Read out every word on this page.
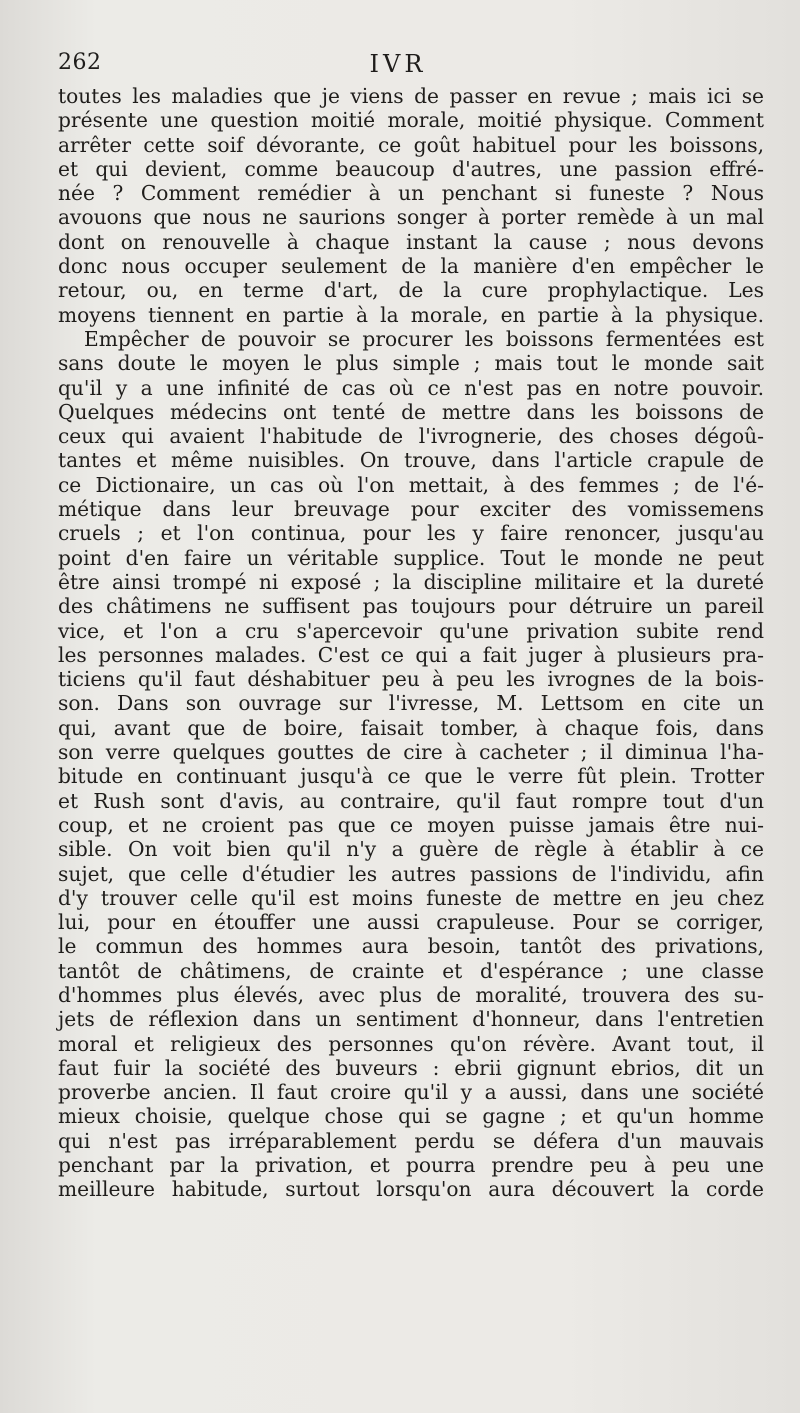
262	IVR
toutes les maladies que je viens de passer en revue ; mais ici se
présente une question moitié morale, moitié physique. Comment
arrêter cette soif dévorante, ce goût habituel pour les boissons,
et qui devient, comme beaucoup d'autres, une passion effré-
née ? Comment remédier à un penchant si funeste ? Nous
avouons que nous ne saurions songer à porter remède à un mal
dont on renouvelle à chaque instant la cause ; nous devons
donc nous occuper seulement de la manière d'en empêcher le
retour, ou, en terme d'art, de la cure prophylactique. Les
moyens tiennent en partie à la morale, en partie à la physique.
Empêcher de pouvoir se procurer les boissons fermentées est
sans doute le moyen le plus simple ; mais tout le monde sait
qu'il y a une infinité de cas où ce n'est pas en notre pouvoir.
Quelques médecins ont tenté de mettre dans les boissons de
ceux qui avaient l'habitude de l'ivrognerie, des choses dégoû-
tantes et même nuisibles. On trouve, dans l'article crapule de
ce Dictionaire, un cas où l'on mettait, à des femmes ; de l'é-
métique dans leur breuvage pour exciter des vomissemens
cruels ; et l'on continua, pour les y faire renoncer, jusqu'au
point d'en faire un véritable supplice. Tout le monde ne peut
être ainsi trompé ni exposé ; la discipline militaire et la dureté
des châtimens ne suffisent pas toujours pour détruire un pareil
vice, et l'on a cru s'apercevoir qu'une privation subite rend
les personnes malades. C'est ce qui a fait juger à plusieurs pra-
ticiens qu'il faut déshabituer peu à peu les ivrognes de la bois-
son. Dans son ouvrage sur l'ivresse, M. Lettsom en cite un
qui, avant que de boire, faisait tomber, à chaque fois, dans
son verre quelques gouttes de cire à cacheter ; il diminua l'ha-
bitude en continuant jusqu'à ce que le verre fût plein. Trotter
et Rush sont d'avis, au contraire, qu'il faut rompre tout d'un
coup, et ne croient pas que ce moyen puisse jamais être nui-
sible. On voit bien qu'il n'y a guère de règle à établir à ce
sujet, que celle d'étudier les autres passions de l'individu, afin
d'y trouver celle qu'il est moins funeste de mettre en jeu chez
lui, pour en étouffer une aussi crapuleuse. Pour se corriger,
le commun des hommes aura besoin, tantôt des privations,
tantôt de châtimens, de crainte et d'espérance ; une classe
d'hommes plus élevés, avec plus de moralité, trouvera des su-
jets de réflexion dans un sentiment d'honneur, dans l'entretien
moral et religieux des personnes qu'on révère. Avant tout, il
faut fuir la société des buveurs : ebrii gignunt ebrios, dit un
proverbe ancien. Il faut croire qu'il y a aussi, dans une société
mieux choisie, quelque chose qui se gagne ; et qu'un homme
qui n'est pas irréparablement perdu se défera d'un mauvais
penchant par la privation, et pourra prendre peu à peu une
meilleure habitude, surtout lorsqu'on aura découvert la corde
